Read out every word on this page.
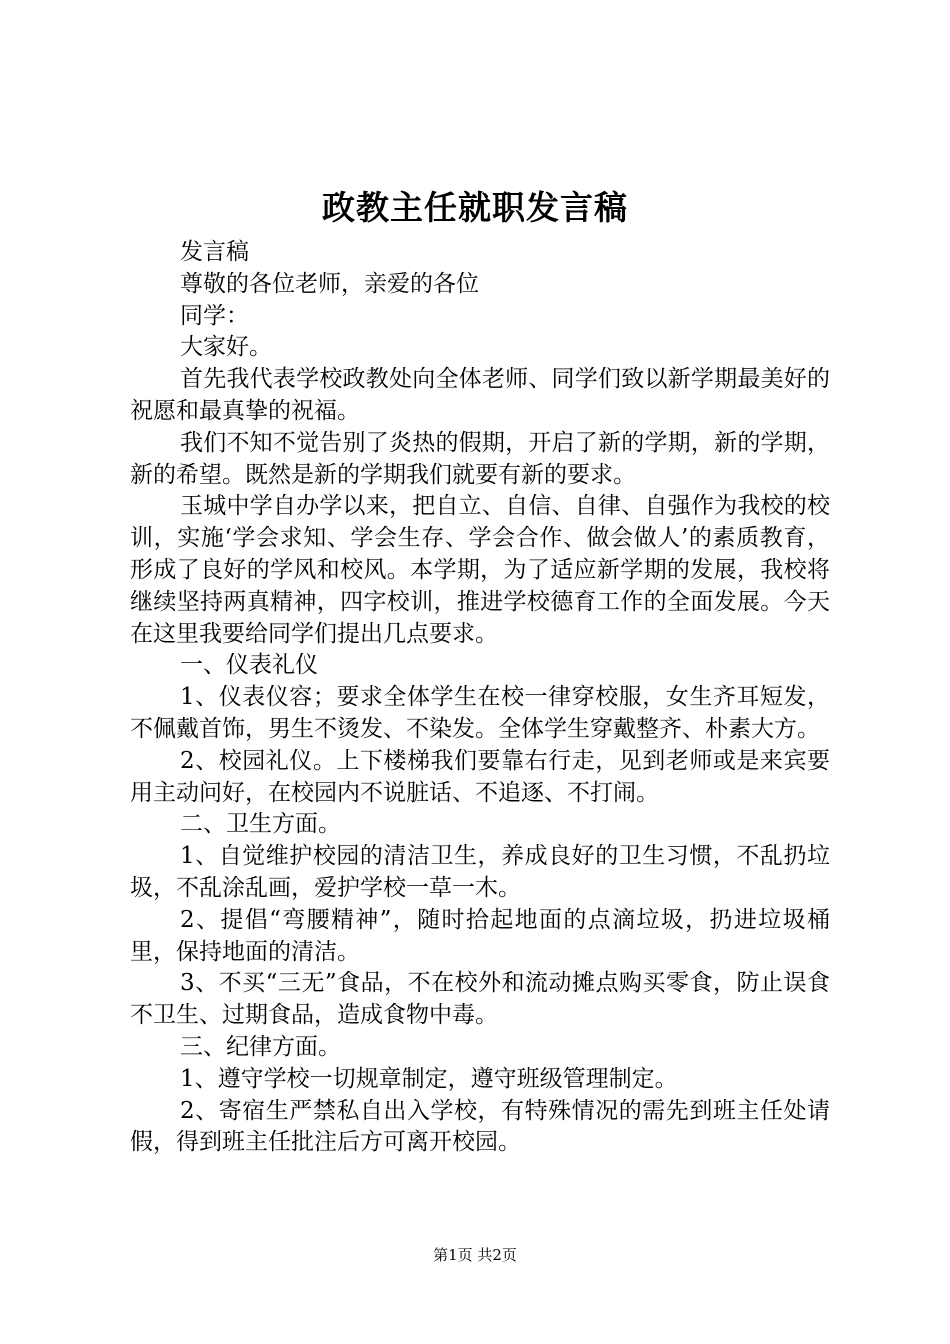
政教主任就职发言稿

发言稿

尊敬的各位老师，亲爱的各位

同学：

大家好。

首先我代表学校政教处向全体老师、同学们致以新学期最美好的祝愿和最真挚的祝福。

我们不知不觉告别了炎热的假期，开启了新的学期，新的学期，新的希望。既然是新的学期我们就要有新的要求。

玉城中学自办学以来，把自立、自信、自律、自强作为我校的校训，实施‘学会求知、学会生存、学会合作、做会做人’的素质教育，形成了良好的学风和校风。本学期，为了适应新学期的发展，我校将继续坚持两真精神，四字校训，推进学校德育工作的全面发展。今天在这里我要给同学们提出几点要求。

一、仪表礼仪

1、仪表仪容；要求全体学生在校一律穿校服，女生齐耳短发，不佩戴首饰，男生不烫发、不染发。全体学生穿戴整齐、朴素大方。

2、校园礼仪。上下楼梯我们要靠右行走，见到老师或是来宾要用主动问好，在校园内不说脏话、不追逐、不打闹。

二、卫生方面。

1、自觉维护校园的清洁卫生，养成良好的卫生习惯，不乱扔垃圾，不乱涂乱画，爱护学校一草一木。

2、提倡“弯腰精神”，随时拾起地面的点滴垃圾，扔进垃圾桶里，保持地面的清洁。

3、不买“三无”食品，不在校外和流动摊点购买零食，防止误食不卫生、过期食品，造成食物中毒。

三、纪律方面。

1、遵守学校一切规章制定，遵守班级管理制定。

2、寄宿生严禁私自出入学校，有特殊情况的需先到班主任处请假，得到班主任批注后方可离开校园。

第1页 共2页
